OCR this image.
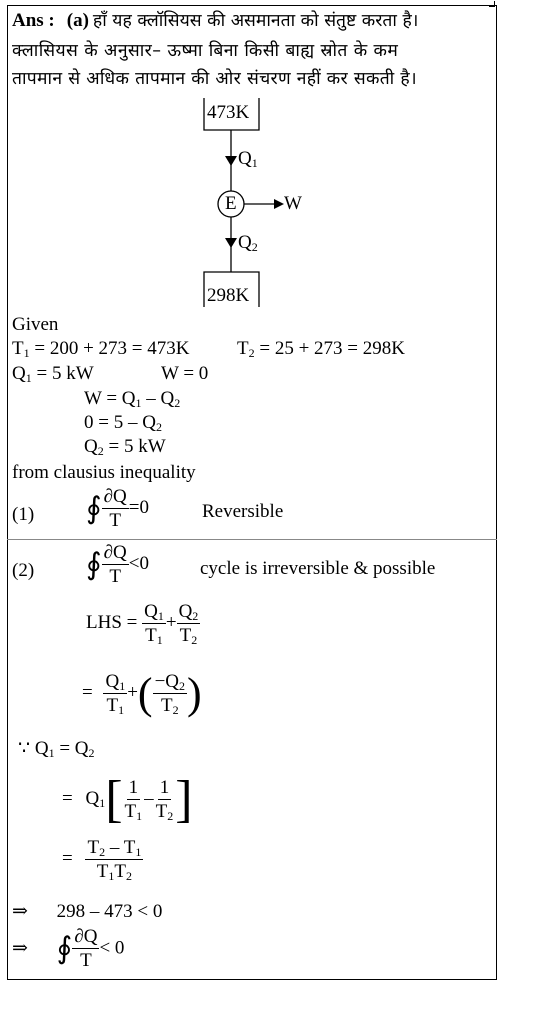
Ans : (a) हाँ यह क्लॉसियस की असमानता को संतुष्ट करता है।
क्लासियस के अनुसार– ऊष्मा बिना किसी बाह्य स्रोत के कम
तापमान से अधिक तापमान की ओर संचरण नहीं कर सकती है।
473K
E W
$Q_1$
$Q_2$
298K
Given
$T_1 = 200 + 273 = 473K$	$T_2 = 25 + 273 = 298K$
$Q_1 = 5$ kW	W = 0
$W = Q_1 - Q_2$
$0 = 5 - Q_2$
$Q_2 = 5$ kW
from clausius inequality
(1) ∮ $\frac{\partial Q}{T} =0$	Reversible
(2) ∮ $\frac{\partial Q}{T} <0$	cycle is irreversible & possible
LHS = $\frac{Q_1}{T_1} + \frac{Q_2}{T_2}$
= $\frac{Q_1}{T_1}$ +( $\frac{-Q_2}{T_2}$ )
∵ $Q_1 = Q_2$
= $Q_1[ \frac{1}{T_1} - \frac{1}{T_2}$ ]
= $\frac{T_2 - T_1}{T_1T_2}$
⇒ 298 – 473 < 0
⇒ ∮ $\frac{\partial Q}{T} < 0$
